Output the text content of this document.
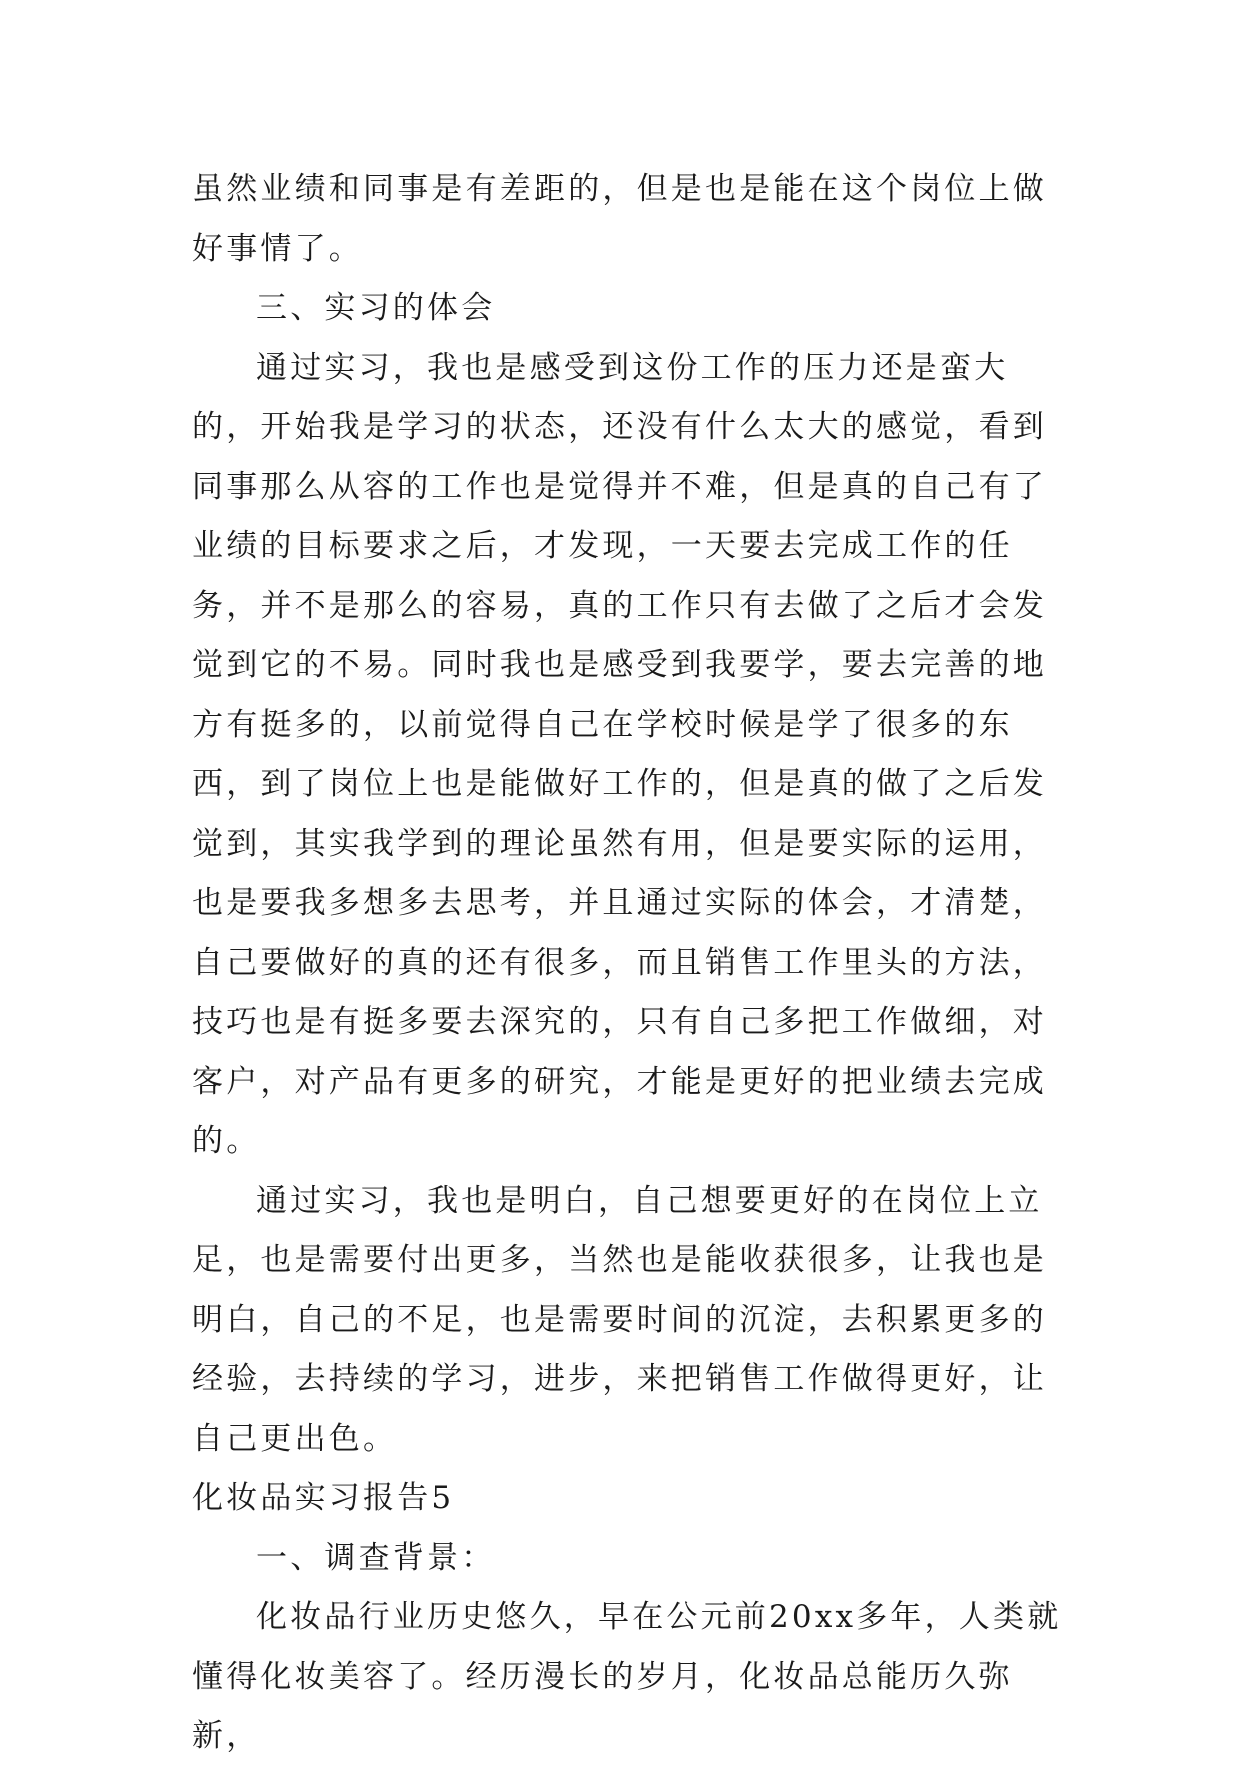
虽然业绩和同事是有差距的，但是也是能在这个岗位上做好事情了。

三、实习的体会

通过实习，我也是感受到这份工作的压力还是蛮大的，开始我是学习的状态，还没有什么太大的感觉，看到同事那么从容的工作也是觉得并不难，但是真的自己有了业绩的目标要求之后，才发现，一天要去完成工作的任务，并不是那么的容易，真的工作只有去做了之后才会发觉到它的不易。同时我也是感受到我要学，要去完善的地方有挺多的，以前觉得自己在学校时候是学了很多的东西，到了岗位上也是能做好工作的，但是真的做了之后发觉到，其实我学到的理论虽然有用，但是要实际的运用，也是要我多想多去思考，并且通过实际的体会，才清楚，自己要做好的真的还有很多，而且销售工作里头的方法，技巧也是有挺多要去深究的，只有自己多把工作做细，对客户，对产品有更多的研究，才能是更好的把业绩去完成的。

通过实习，我也是明白，自己想要更好的在岗位上立足，也是需要付出更多，当然也是能收获很多，让我也是明白，自己的不足，也是需要时间的沉淀，去积累更多的经验，去持续的学习，进步，来把销售工作做得更好，让自己更出色。

化妆品实习报告5

一、调查背景：

化妆品行业历史悠久，早在公元前20xx多年，人类就懂得化妆美容了。经历漫长的岁月，化妆品总能历久弥新，
